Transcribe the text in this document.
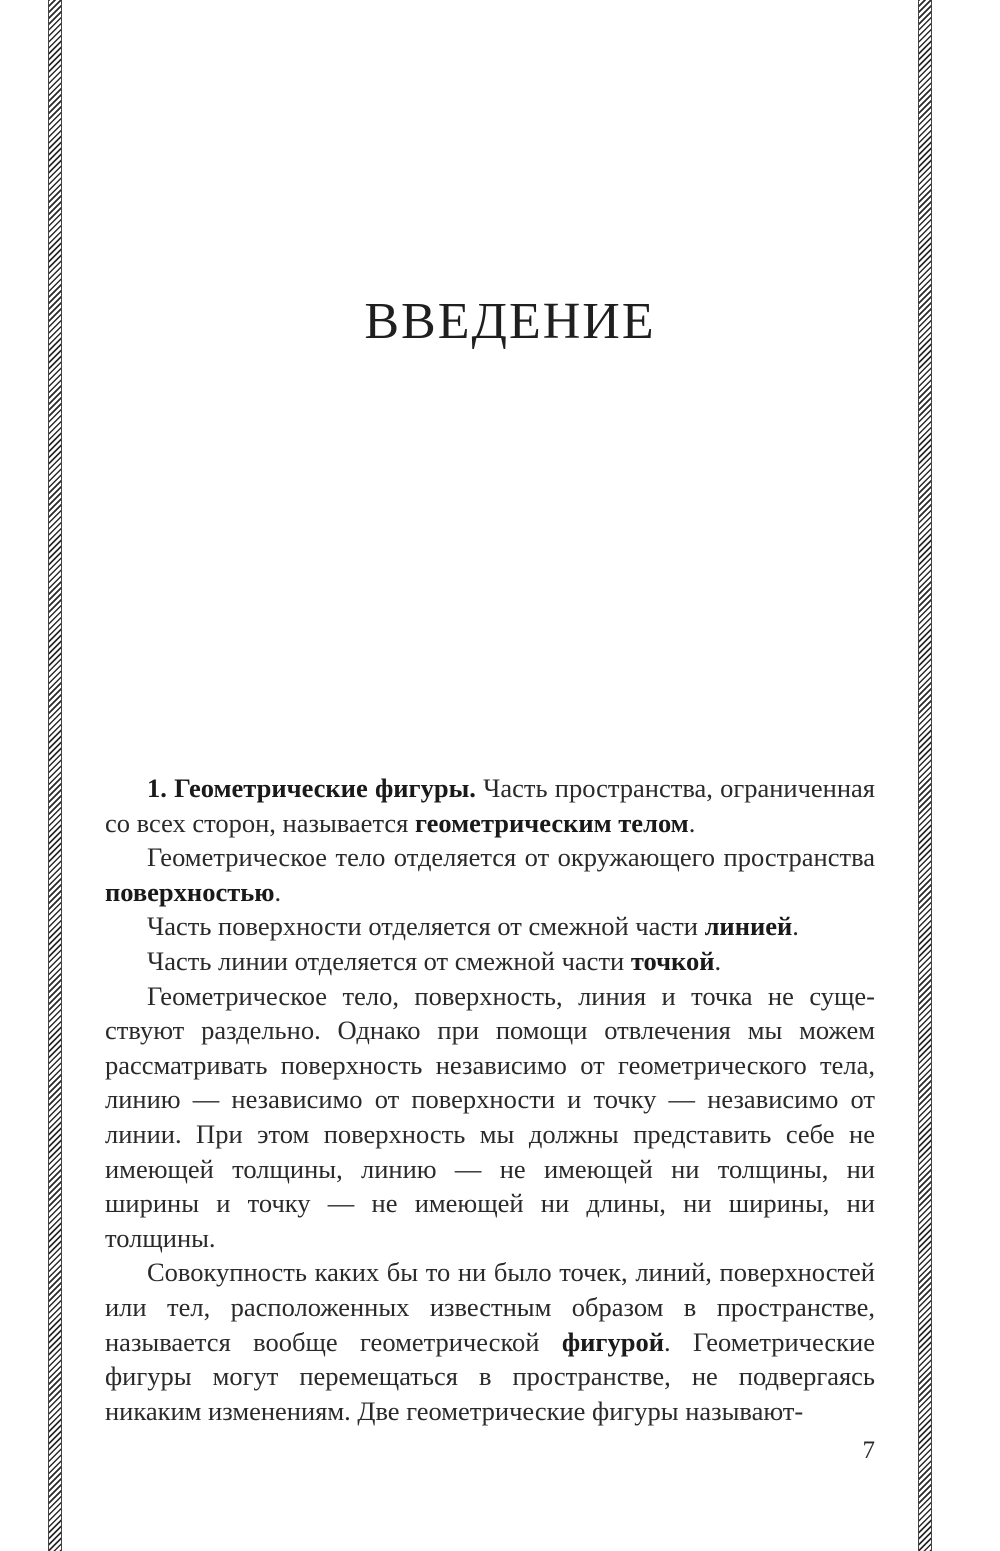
ВВЕДЕНИЕ

1. Геометрические фигуры. Часть пространства, ограниченная со всех сторон, называется геометрическим телом.

Геометрическое тело отделяется от окружающего пространства поверхностью.

Часть поверхности отделяется от смежной части линией.

Часть линии отделяется от смежной части точкой.

Геометрическое тело, поверхность, линия и точка не существуют раздельно. Однако при помощи отвлечения мы можем рассматривать поверхность независимо от геометрического тела, линию — независимо от поверхности и точку — независимо от линии. При этом поверхность мы должны представить себе не имеющей толщины, линию — не имеющей ни толщины, ни ширины и точку — не имеющей ни длины, ни ширины, ни толщины.

Совокупность каких бы то ни было точек, линий, поверхностей или тел, расположенных известным образом в пространстве, называется вообще геометрической фигурой. Геометрические фигуры могут перемещаться в пространстве, не подвергаясь никаким изменениям. Две геометрические фигуры называют-

7
